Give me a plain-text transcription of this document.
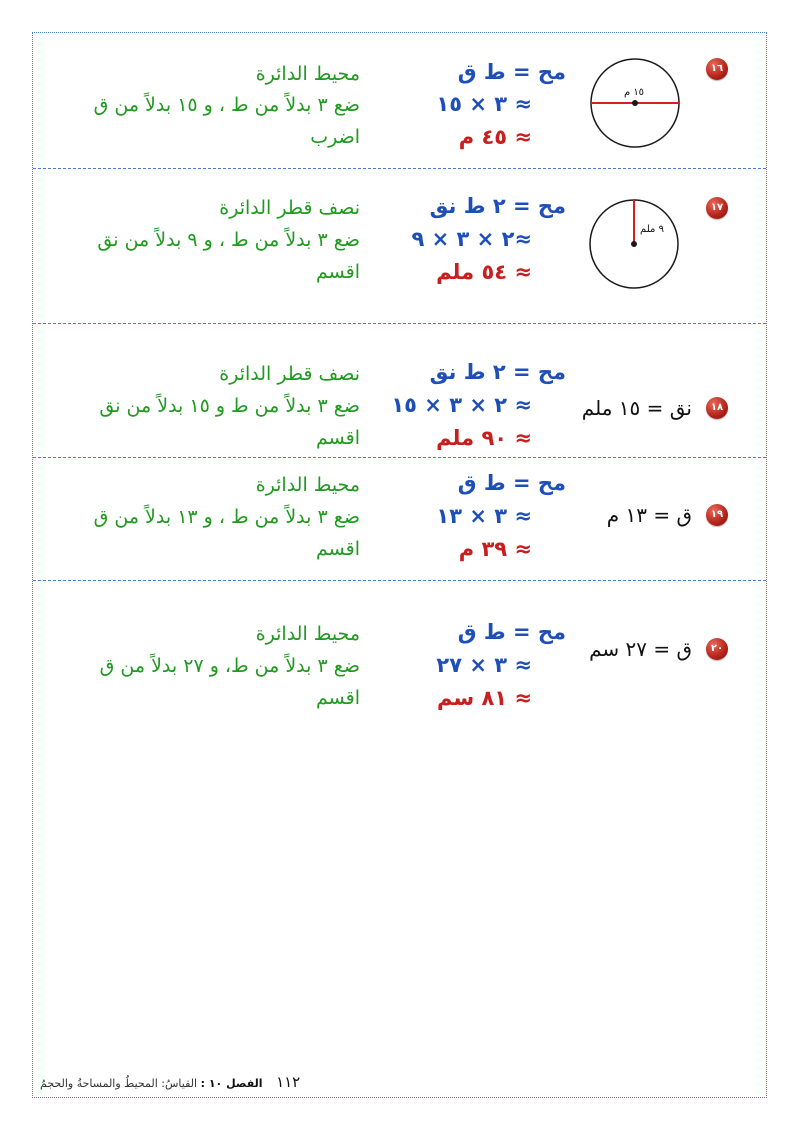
١٦
١٥ م
مح = ط ق
≈ ٣ × ١٥
≈ ٤٥ م
محيط الدائرة
ضع ٣ بدلاً من ط ، و ١٥ بدلاً من ق
اضرب
١٧
٩ ملم
مح = ٢ ط نق
≈٢ × ٣ × ٩
≈ ٥٤ ملم
نصف قطر الدائرة
ضع ٣ بدلاً من ط ، و ٩ بدلاً من نق
اقسم
١٨
نق = ١٥ ملم
مح = ٢ ط نق
≈ ٢ × ٣ × ١٥
≈ ٩٠ ملم
نصف قطر الدائرة
ضع ٣ بدلاً من ط و ١٥ بدلاً من نق
اقسم
١٩
ق = ١٣ م
مح = ط ق
≈ ٣ × ١٣
≈ ٣٩ م
محيط الدائرة
ضع ٣ بدلاً من ط ، و ١٣ بدلاً من ق
اقسم
٢٠
ق = ٢٧ سم
مح = ط ق
≈ ٣ × ٢٧
≈ ٨١ سم
محيط الدائرة
ضع ٣ بدلاً من ط، و ٢٧ بدلاً من ق
اقسم
١١٢ الفصل ١٠ : القياسُ: المحيطُ والمساحةُ والحجمُ
